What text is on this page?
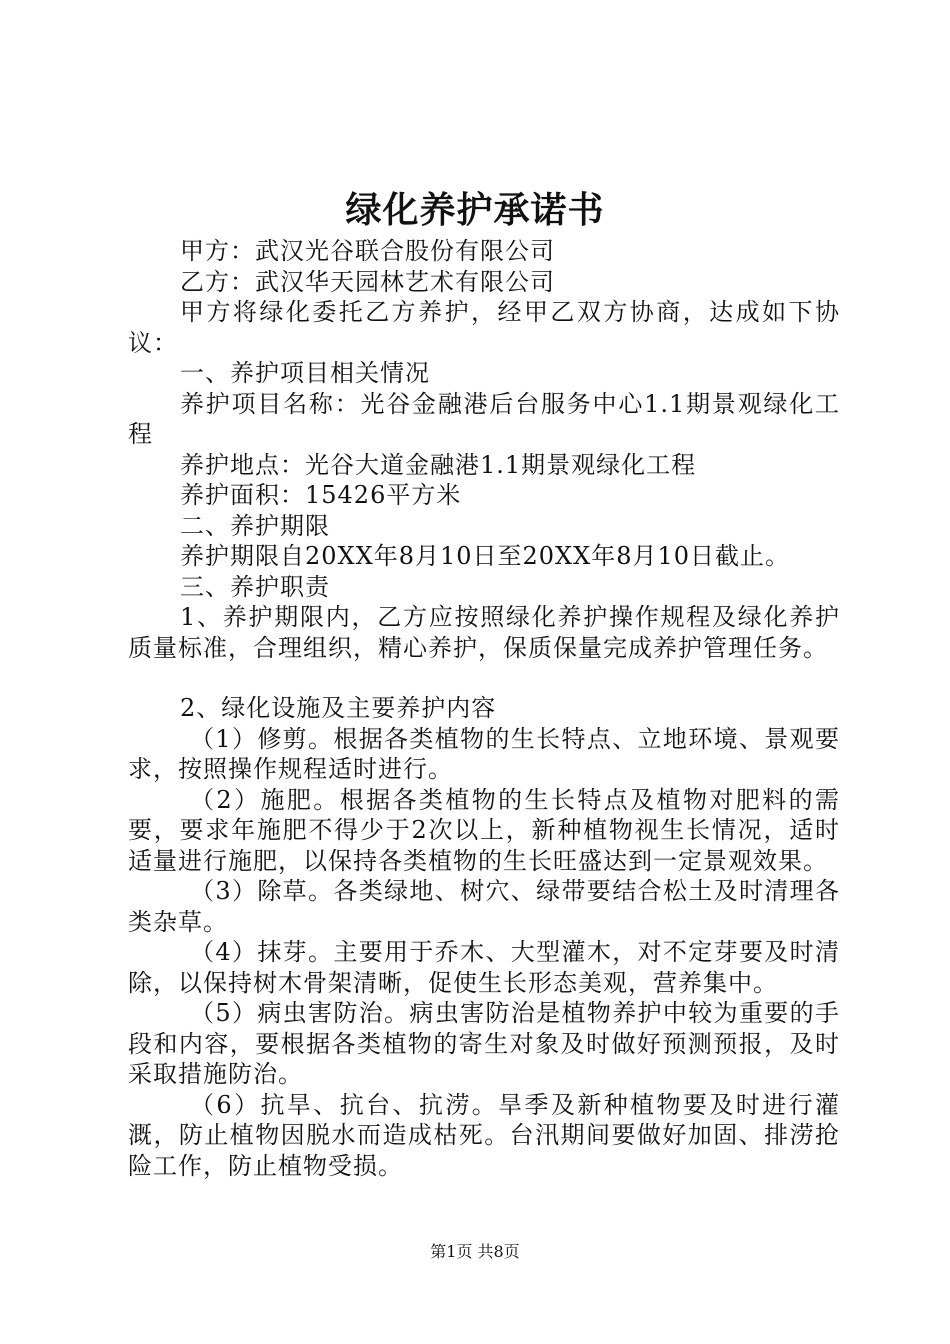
绿化养护承诺书

甲方：武汉光谷联合股份有限公司

乙方：武汉华天园林艺术有限公司

甲方将绿化委托乙方养护，经甲乙双方协商，达成如下协议：

一、养护项目相关情况

养护项目名称：光谷金融港后台服务中心1.1期景观绿化工程

养护地点：光谷大道金融港1.1期景观绿化工程

养护面积：15426平方米

二、养护期限

养护期限自20XX年8月10日至20XX年8月10日截止。

三、养护职责

1、养护期限内，乙方应按照绿化养护操作规程及绿化养护质量标准，合理组织，精心养护，保质保量完成养护管理任务。

2、绿化设施及主要养护内容

（1）修剪。根据各类植物的生长特点、立地环境、景观要求，按照操作规程适时进行。

（2）施肥。根据各类植物的生长特点及植物对肥料的需要，要求年施肥不得少于2次以上，新种植物视生长情况，适时适量进行施肥，以保持各类植物的生长旺盛达到一定景观效果。

（3）除草。各类绿地、树穴、绿带要结合松土及时清理各类杂草。

（4）抹芽。主要用于乔木、大型灌木，对不定芽要及时清除，以保持树木骨架清晰，促使生长形态美观，营养集中。

（5）病虫害防治。病虫害防治是植物养护中较为重要的手段和内容，要根据各类植物的寄生对象及时做好预测预报，及时采取措施防治。

（6）抗旱、抗台、抗涝。旱季及新种植物要及时进行灌溉，防止植物因脱水而造成枯死。台汛期间要做好加固、排涝抢险工作，防止植物受损。

第1页 共8页
